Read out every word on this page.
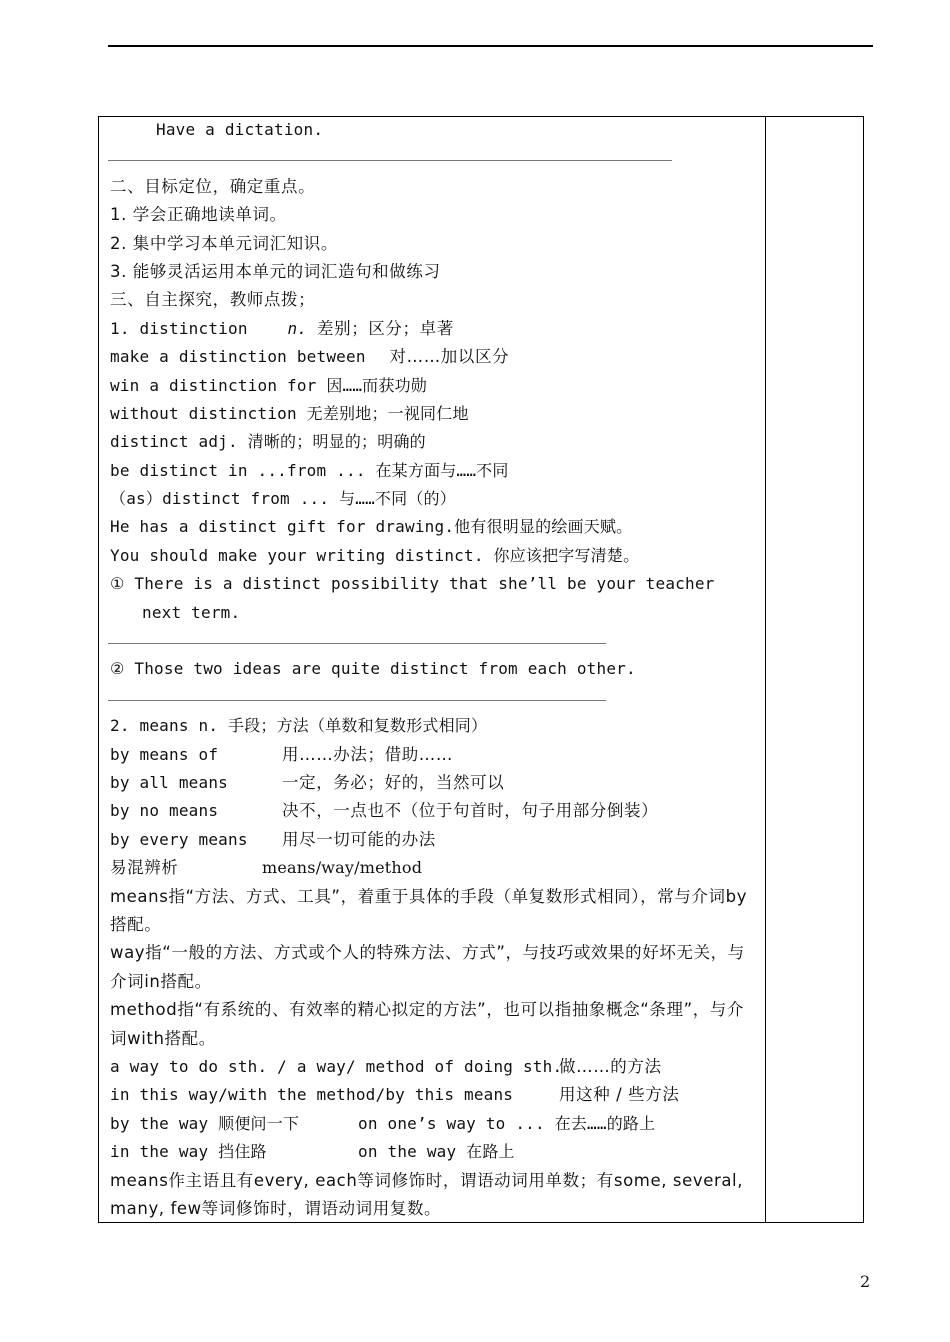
Have a dictation.
二、目标定位，确定重点。
1. 学会正确地读单词。
2. 集中学习本单元词汇知识。
3. 能够灵活运用本单元的词汇造句和做练习
三、自主探究，教师点拨；
1. distinction n. 差别；区分；卓著
make a distinction between 对……加以区分
win a distinction for 因……而获功勋
without distinction 无差别地；一视同仁地
distinct adj. 清晰的；明显的；明确的
be distinct in ...from ... 在某方面与……不同
（as）distinct from ... 与……不同（的）
He has a distinct gift for drawing.他有很明显的绘画天赋。
You should make your writing distinct. 你应该把字写清楚。
① There is a distinct possibility that she’ll be your teacher
next term.
② Those two ideas are quite distinct from each other.
2. means n. 手段；方法（单数和复数形式相同）
by means of	用……办法；借助……
by all means	一定，务必；好的，当然可以
by no means	决不，一点也不（位于句首时，句子用部分倒装）
by every means 用尽一切可能的办法
易混辨析	means/way/method
means指“方法、方式、工具”，着重于具体的手段（单复数形式相同），常与介词by搭配。
way指“一般的方法、方式或个人的特殊方法、方式”，与技巧或效果的好坏无关，与介词in搭配。
method指“有系统的、有效率的精心拟定的方法”，也可以指抽象概念“条理”，与介词with搭配。
a way to do sth. / a way/ method of doing sth.做……的方法
in this way/with the method/by this means	用这种 / 些方法
by the way 顺便问一下	on one’s way to ... 在去……的路上
in the way 挡住路	on the way 在路上
means作主语且有every, each等词修饰时，谓语动词用单数；有some, several, many, few等词修饰时，谓语动词用复数。
2
